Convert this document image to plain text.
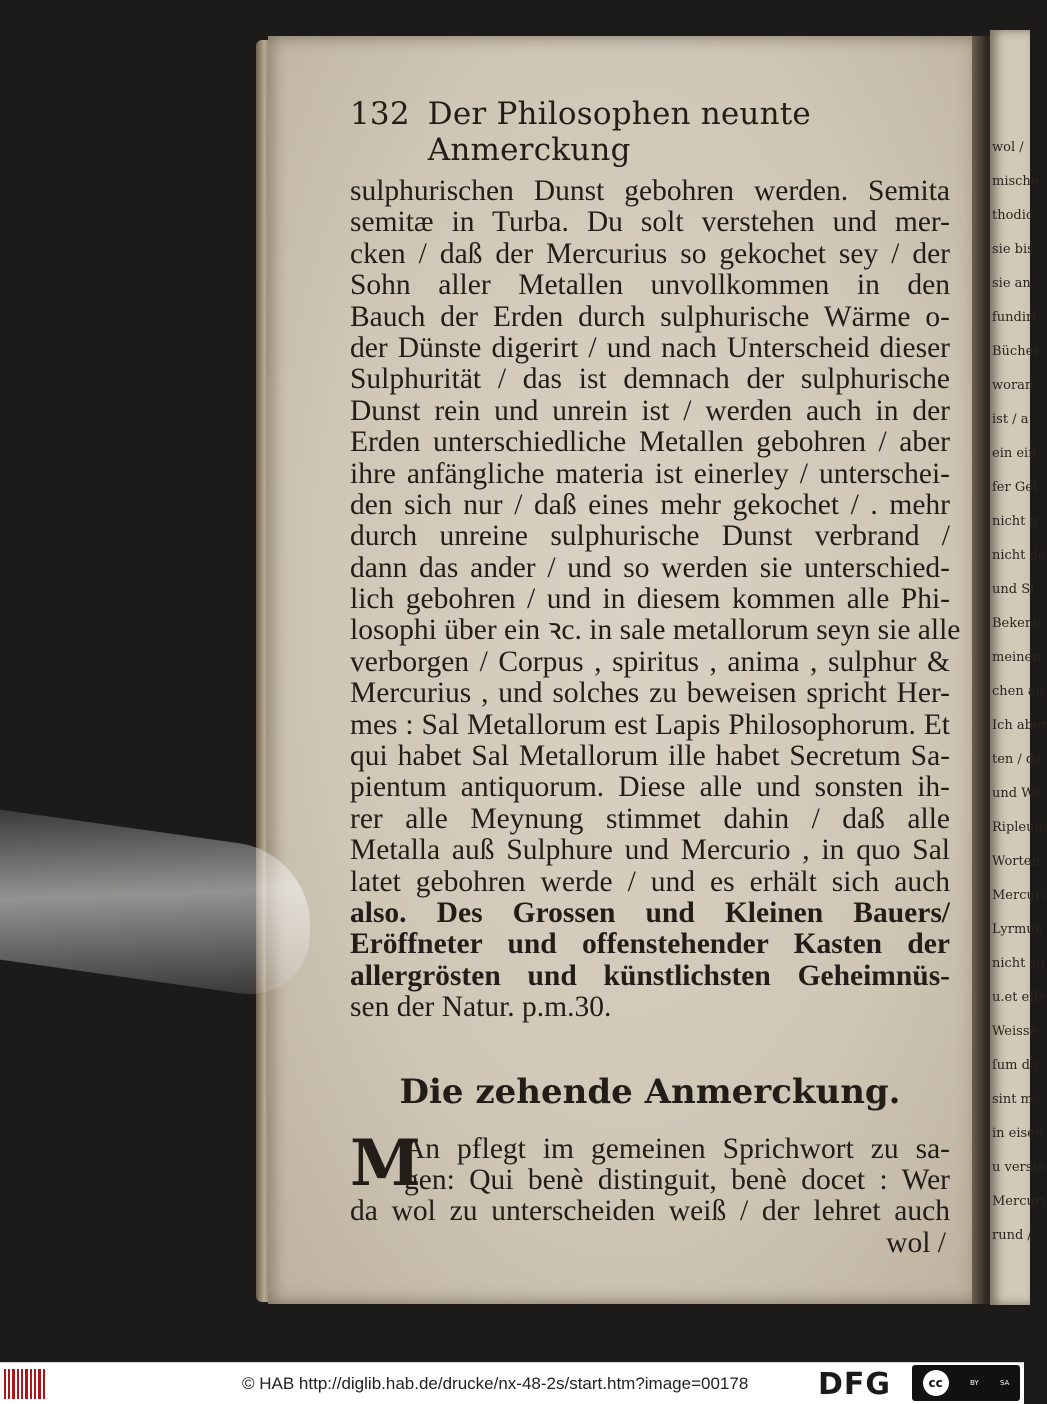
132 Der Philosophen neunte Anmerckung
sulphurischen Dunst gebohren werden. Semita
semitæ in Turba. Du solt verstehen und mer-
cken / daß der Mercurius so gekochet sey / der
Sohn aller Metallen unvollkommen in den
Bauch der Erden durch sulphurische Wärme o-
der Dünste digerirt / und nach Unterscheid dieser
Sulphurität / das ist demnach der sulphurische
Dunst rein und unrein ist / werden auch in der
Erden unterschiedliche Metallen gebohren / aber
ihre anfängliche materia ist einerley / unterschei-
den sich nur / daß eines mehr gekochet / . mehr
durch unreine sulphurische Dunst verbrand /
dann das ander / und so werden sie unterschied-
lich gebohren / und in diesem kommen alle Phi-
losophi über ein ꝛc. in sale metallorum seyn sie alle
verborgen / Corpus , spiritus , anima , sulphur &
Mercurius , und solches zu beweisen spricht Her-
mes : Sal Metallorum est Lapis Philosophorum. Et
qui habet Sal Metallorum ille habet Secretum Sa-
pientum antiquorum. Diese alle und sonsten ih-
rer alle Meynung stimmet dahin / daß alle
Metalla auß Sulphure und Mercurio , in quo Sal
latet gebohren werde / und es erhält sich auch
also. Des Grossen und Kleinen Bauers/
Eröffneter und offenstehender Kasten der
allergrösten und künstlichsten Geheimnüs-
sen der Natur. p.m.30.
Die zehende Anmerckung.
M
An pflegt im gemeinen Sprichwort zu sa-
gen: Qui benè distinguit, benè docet : Wer
da wol zu unterscheiden weiß / der lehret auch
wol /
wol /
mische
thodic
sie bis
sie an
fundirt
Bücher
woran
ist / a
ein ein
fer Gel
nicht g
nicht de
und Si
Bekenn
meinen
chen als
Ich aber
ten / da
und We
Ripleum
Worten
Mercuri
Lyrmun
nicht su
u.et effe
Weisse
ſum do
sint me
in eisen
u versta
Mercuri
rund /
© HAB http://diglib.hab.de/drucke/nx-48-2s/start.htm?image=00178 DFG	cc	BY	SA
